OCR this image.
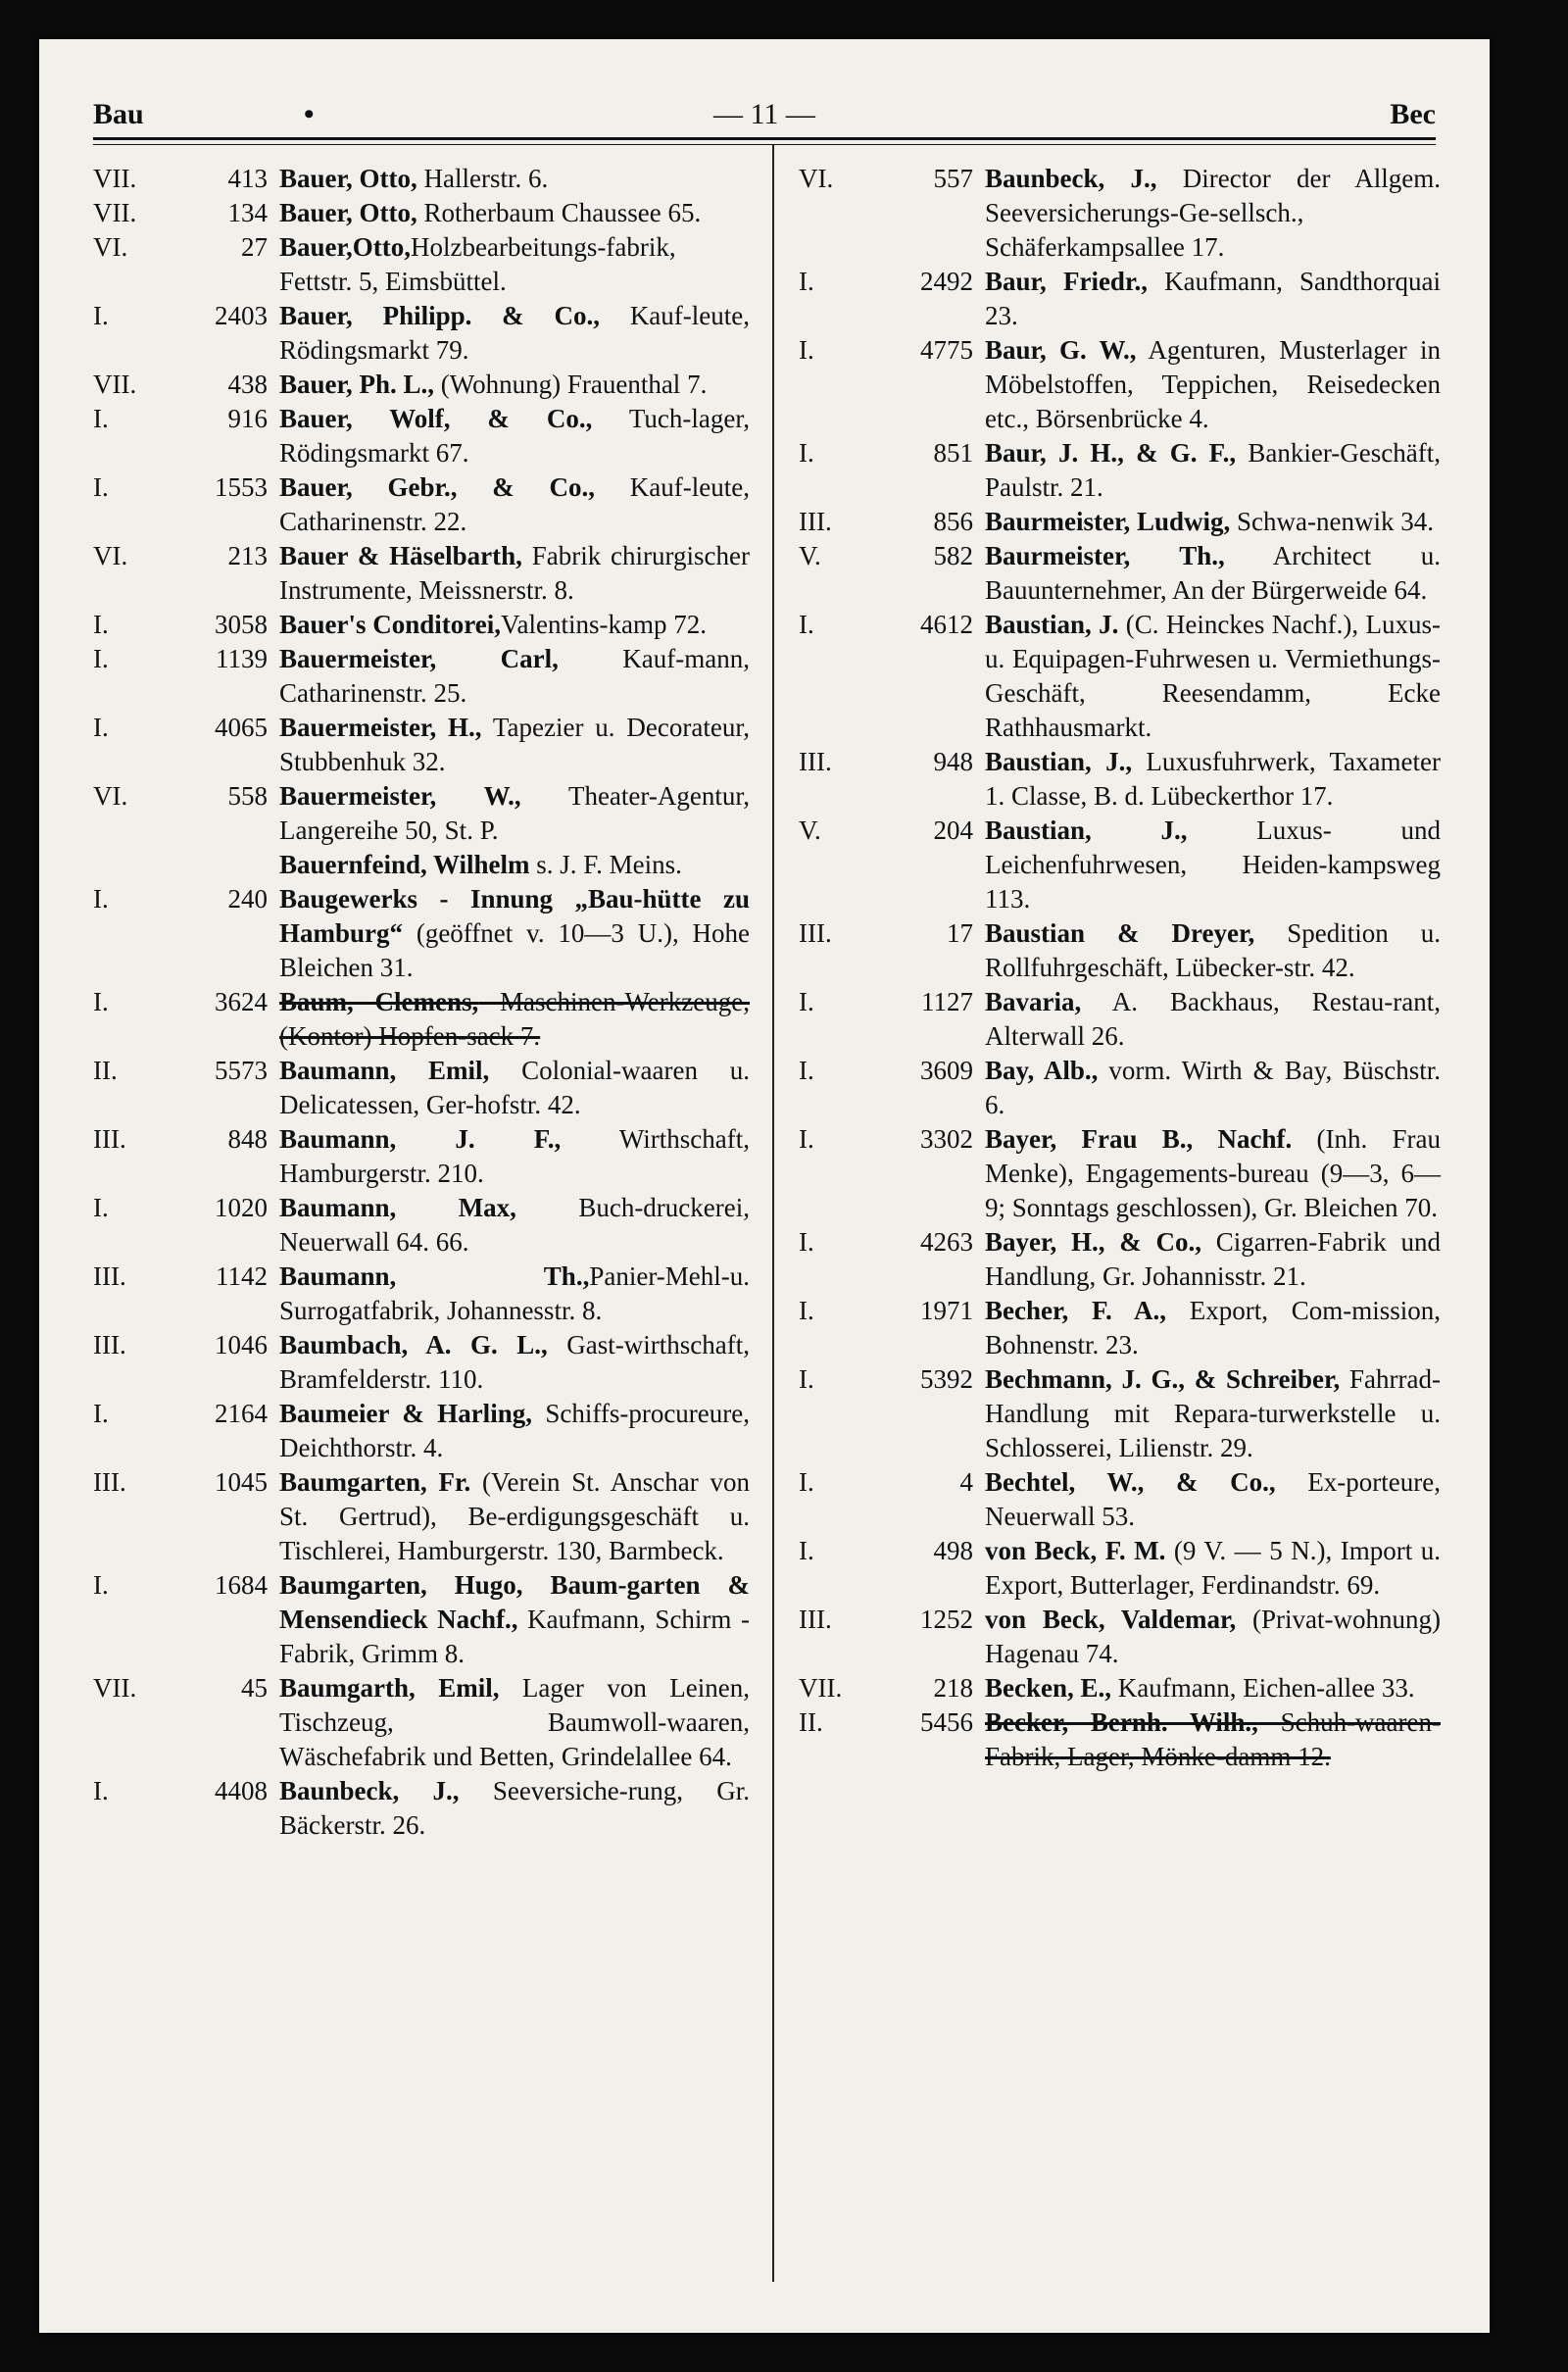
Bau	•	— 11 —	Bec
VII.	413 Bauer, Otto, Hallerstr. 6.
VII.	134 Bauer, Otto, Rotherbaum Chaussee 65.
VI.	27 Bauer,Otto,Holzbearbeitungs-fabrik, Fettstr. 5, Eimsbüttel.
I.	2403 Bauer, Philipp. & Co., Kauf-leute, Rödingsmarkt 79.
VII.	438 Bauer, Ph. L., (Wohnung) Frauenthal 7.
I.	916 Bauer, Wolf, & Co., Tuch-lager, Rödingsmarkt 67.
I.	1553 Bauer, Gebr., & Co., Kauf-leute, Catharinenstr. 22.
VI.	213 Bauer & Häselbarth, Fabrik chirurgischer Instrumente, Meissnerstr. 8.
I.	3058 Bauer's Conditorei,Valentins-kamp 72.
I.	1139 Bauermeister, Carl, Kauf-mann, Catharinenstr. 25.
I.	4065 Bauermeister, H., Tapezier u. Decorateur, Stubbenhuk 32.
VI.	558 Bauermeister, W., Theater-Agentur, Langereihe 50, St. P.
Bauernfeind, Wilhelm s. J. F. Meins.
I.	240 Baugewerks - Innung „Bau-hütte zu Hamburg“ (geöffnet v. 10—3 U.), Hohe Bleichen 31.
I.	3624 Baum, Clemens, Maschinen-Werkzeuge, (Kontor) Hopfen-sack 7.
II.	5573 Baumann, Emil, Colonial-waaren u. Delicatessen, Ger-hofstr. 42.
III.	848 Baumann, J. F., Wirthschaft, Hamburgerstr. 210.
I.	1020 Baumann, Max, Buch-druckerei, Neuerwall 64. 66.
III.	1142 Baumann, Th.,Panier-Mehl-u. Surrogatfabrik, Johannesstr. 8.
III.	1046 Baumbach, A. G. L., Gast-wirthschaft, Bramfelderstr. 110.
I.	2164 Baumeier & Harling, Schiffs-procureure, Deichthorstr. 4.
III.	1045 Baumgarten, Fr. (Verein St. Anschar von St. Gertrud), Be-erdigungsgeschäft u. Tischlerei, Hamburgerstr. 130, Barmbeck.
I.	1684 Baumgarten, Hugo, Baum-garten & Mensendieck Nachf., Kaufmann, Schirm - Fabrik, Grimm 8.
VII.	45 Baumgarth, Emil, Lager von Leinen, Tischzeug, Baumwoll-waaren, Wäschefabrik und Betten, Grindelallee 64.
I.	4408 Baunbeck, J., Seeversiche-rung, Gr. Bäckerstr. 26.
VI.	557 Baunbeck, J., Director der Allgem. Seeversicherungs-Ge-sellsch., Schäferkampsallee 17.
I.	2492 Baur, Friedr., Kaufmann, Sandthorquai 23.
I.	4775 Baur, G. W., Agenturen, Musterlager in Möbelstoffen, Teppichen, Reisedecken etc., Börsenbrücke 4.
I.	851 Baur, J. H., & G. F., Bankier-Geschäft, Paulstr. 21.
III.	856 Baurmeister, Ludwig, Schwa-nenwik 34.
V.	582 Baurmeister, Th., Architect u. Bauunternehmer, An der Bürgerweide 64.
I.	4612 Baustian, J. (C. Heinckes Nachf.), Luxus- u. Equipagen-Fuhrwesen u. Vermiethungs-Geschäft, Reesendamm, Ecke Rathhausmarkt.
III.	948 Baustian, J., Luxusfuhrwerk, Taxameter 1. Classe, B. d. Lübeckerthor 17.
V.	204 Baustian, J., Luxus- und Leichenfuhrwesen, Heiden-kampsweg 113.
III.	17 Baustian & Dreyer, Spedition u. Rollfuhrgeschäft, Lübecker-str. 42.
I.	1127 Bavaria, A. Backhaus, Restau-rant, Alterwall 26.
I.	3609 Bay, Alb., vorm. Wirth & Bay, Büschstr. 6.
I.	3302 Bayer, Frau B., Nachf. (Inh. Frau Menke), Engagements-bureau (9—3, 6—9; Sonntags geschlossen), Gr. Bleichen 70.
I.	4263 Bayer, H., & Co., Cigarren-Fabrik und Handlung, Gr. Johannisstr. 21.
I.	1971 Becher, F. A., Export, Com-mission, Bohnenstr. 23.
I.	5392 Bechmann, J. G., & Schreiber, Fahrrad-Handlung mit Repara-turwerkstelle u. Schlosserei, Lilienstr. 29.
I.	4 Bechtel, W., & Co., Ex-porteure, Neuerwall 53.
I.	498 von Beck, F. M. (9 V. — 5 N.), Import u. Export, Butterlager, Ferdinandstr. 69.
III.	1252 von Beck, Valdemar, (Privat-wohnung) Hagenau 74.
VII.	218 Becken, E., Kaufmann, Eichen-allee 33.
II.	5456 Becker, Bernh. Wilh., Schuh-waaren-Fabrik, Lager, Mönke-damm 12.
